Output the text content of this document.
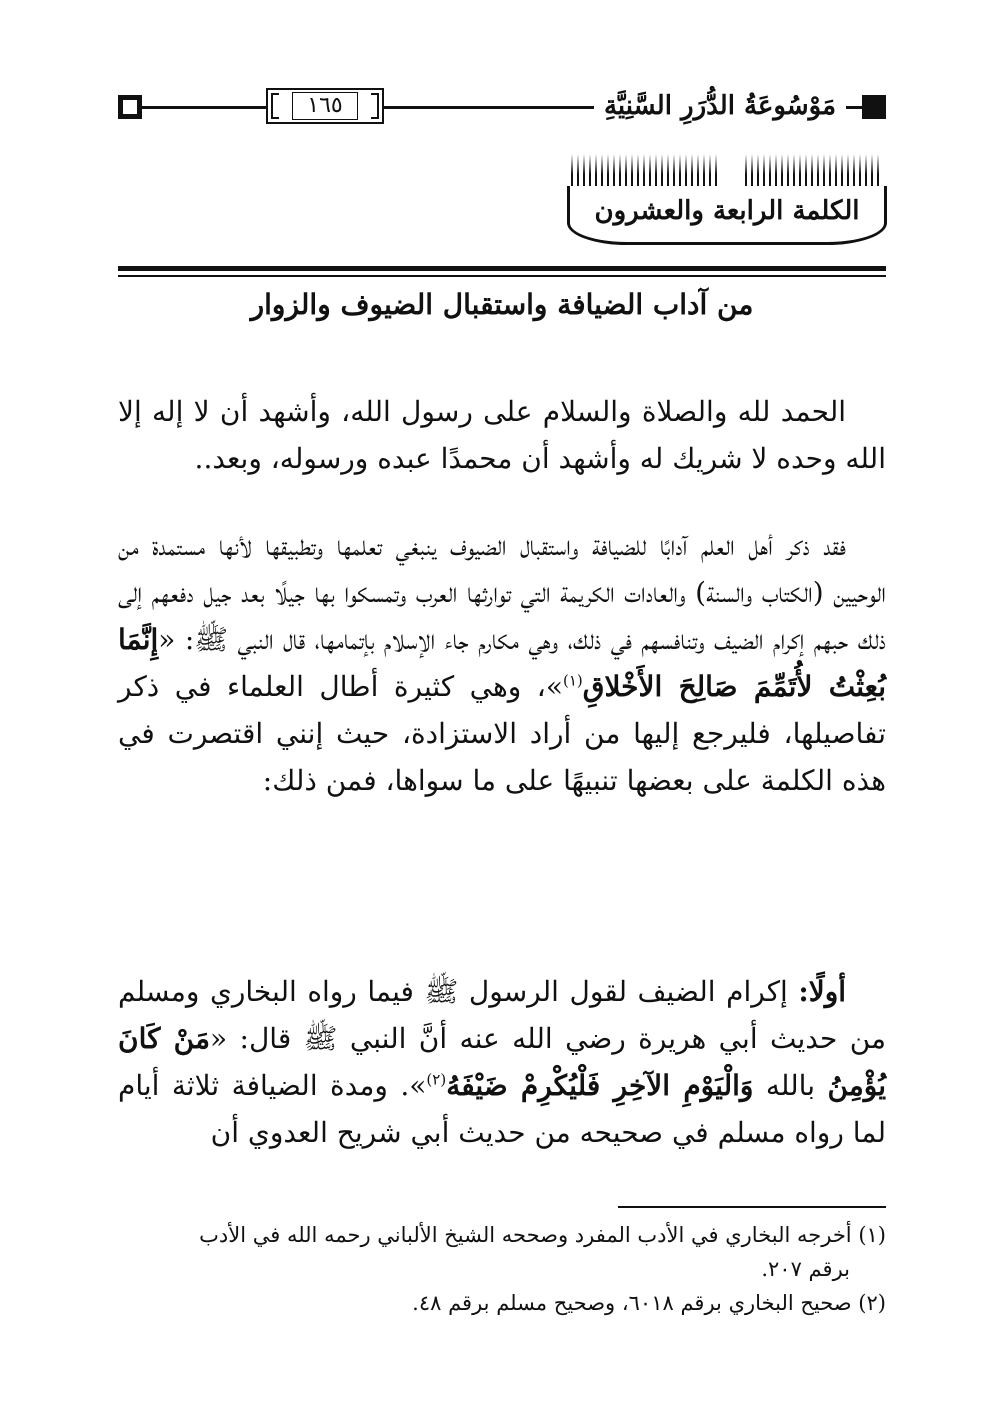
١٦٥	مَوْسُوعَةُ الدُّرَرِ السَّنِيَّةِ
الكلمة الرابعة والعشرون
من آداب الضيافة واستقبال الضيوف والزوار
الحمد لله والصلاة والسلام على رسول الله، وأشهد أن لا إله إلا الله وحده لا شريك له وأشهد أن محمدًا عبده ورسوله، وبعد..
فقد ذكر أهل العلم آدابًا للضيافة واستقبال الضيوف ينبغي تعلمها وتطبيقها لأنها مستمدة من الوحيين (الكتاب والسنة) والعادات الكريمة التي توارثها العرب وتمسكوا بها جيلًا بعد جيل دفعهم إلى ذلك حبهم إكرام الضيف وتنافسهم في ذلك، وهي مكارم جاء الإسلام بإتمامها، قال النبي ﷺ: «إِنَّمَا بُعِثْتُ لأُتَمِّمَ صَالِحَ الأَخْلاقِ$^{(١)}$»، وهي كثيرة أطال العلماء في ذكر تفاصيلها، فليرجع إليها من أراد الاستزادة، حيث إنني اقتصرت في هذه الكلمة على بعضها تنبيهًا على ما سواها، فمن ذلك:
أولًا: إكرام الضيف لقول الرسول ﷺ فيما رواه البخاري ومسلم من حديث أبي هريرة رضي الله عنه أنَّ النبي ﷺ قال: «مَنْ كَانَ يُؤْمِنُ بالله وَالْيَوْمِ الآخِرِ فَلْيُكْرِمْ ضَيْفَهُ$^{(٢)}$». ومدة الضيافة ثلاثة أيام لما رواه مسلم في صحيحه من حديث أبي شريح العدوي أن

(١) أخرجه البخاري في الأدب المفرد وصححه الشيخ الألباني رحمه الله في الأدب

برقم ٢٠٧.

(٢) صحيح البخاري برقم ٦٠١٨، وصحيح مسلم برقم ٤٨.
